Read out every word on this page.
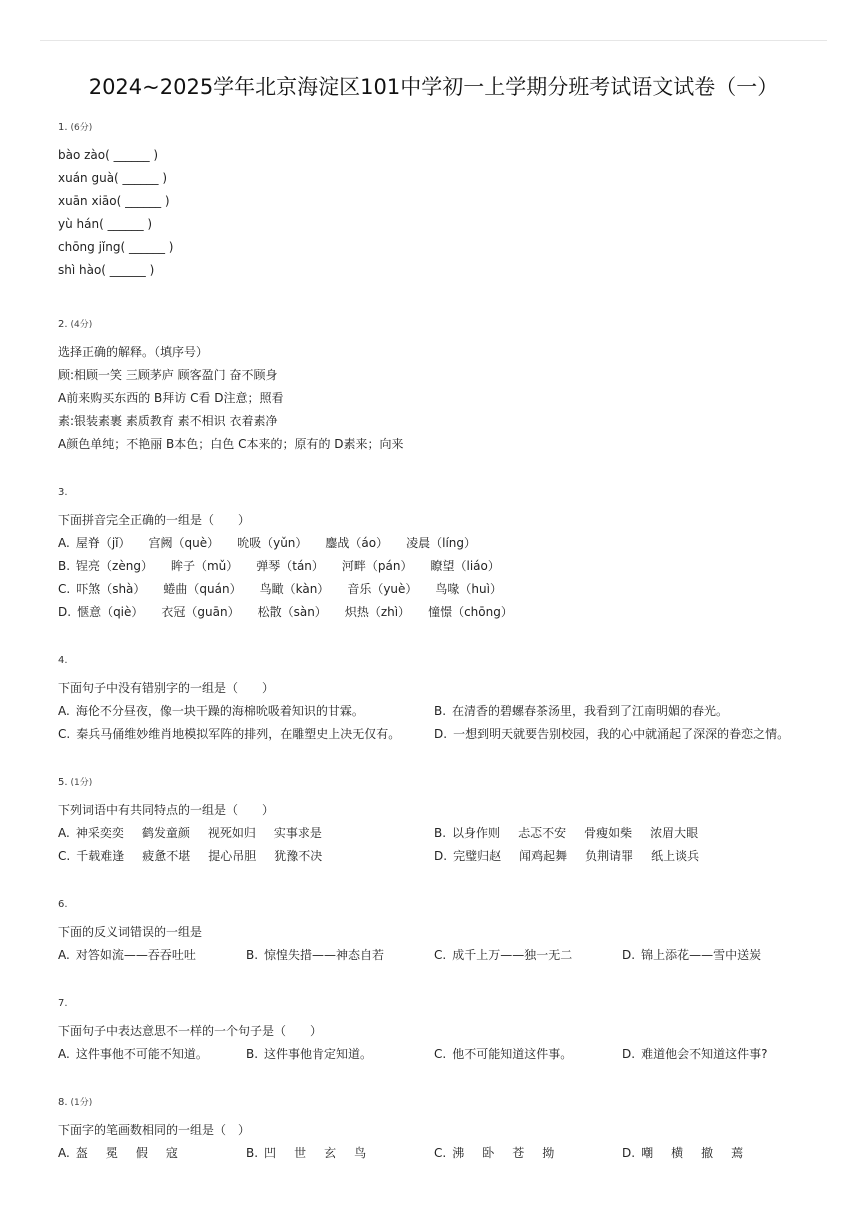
2024~2025学年北京海淀区101中学初一上学期分班考试语文试卷（一）
1. (6分)
bào zào( ______ )
xuán guà( ______ )
xuān xiāo( ______ )
yù hán( ______ )
chōng jǐng( ______ )
shì hào( ______ )
2. (4分)
选择正确的解释。（填序号）
顾:相顾一笑 三顾茅庐 顾客盈门 奋不顾身
A前来购买东西的 B拜访 C看 D注意；照看
素:银装素裹 素质教育 素不相识 衣着素净
A颜色单纯；不艳丽 B本色；白色 C本来的；原有的 D素来；向来
3.
下面拼音完全正确的一组是（　　）
A. 屋脊（jǐ） 宫阙（què） 吮吸（yǔn） 鏖战（áo） 凌晨（líng）
B. 锃亮（zèng） 眸子（mǔ） 弹琴（tán） 河畔（pán） 瞭望（liáo）
C. 吓煞（shà） 蜷曲（quán） 鸟瞰（kàn） 音乐（yuè） 鸟喙（huì）
D. 惬意（qiè） 衣冠（guān） 松散（sàn） 炽热（zhì） 憧憬（chōng）
4.
下面句子中没有错别字的一组是（　　）
A. 海伦不分昼夜，像一块干躁的海棉吮吸着知识的甘霖。	B. 在清香的碧螺春茶汤里，我看到了江南明媚的春光。
C. 秦兵马俑维妙维肖地模拟军阵的排列，在雕塑史上决无仅有。	D. 一想到明天就要告别校园，我的心中就涌起了深深的眷恋之情。
5. (1分)
下列词语中有共同特点的一组是（　　）
A. 神采奕奕 鹤发童颜 视死如归 实事求是	B. 以身作则 忐忑不安 骨瘦如柴 浓眉大眼
C. 千载难逢 疲惫不堪 提心吊胆 犹豫不决	D. 完璧归赵 闻鸡起舞 负荆请罪 纸上谈兵
6.
下面的反义词错误的一组是
A. 对答如流——吞吞吐吐	B. 惊惶失措——神态自若	C. 成千上万——独一无二	D. 锦上添花——雪中送炭
7.
下面句子中表达意思不一样的一个句子是（　　）
A. 这件事他不可能不知道。	B. 这件事他肯定知道。	C. 他不可能知道这件事。	D. 难道他会不知道这件事?
8. (1分)
下面字的笔画数相同的一组是（　）
A. 盔 冕 假 寇	B. 凹 世 玄 鸟	C. 沸 卧 苍 拗	D. 嘲 横 撤 蔫
